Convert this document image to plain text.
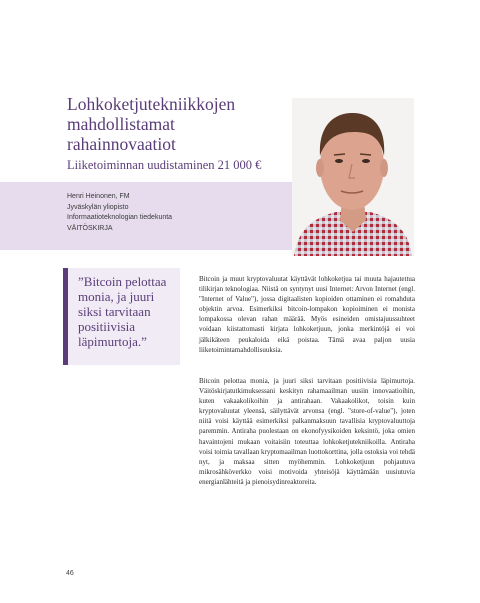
Lohkoketjutekniikkojen mahdollistamat rahainnovaatiot
Liiketoiminnan uudistaminen 21 000 €
Henri Heinonen, FM
Jyväskylän yliopisto
Informaatioteknologian tiedekunta
VÄITÖSKIRJA
”Bitcoin pelottaa
monia, ja juuri
siksi tarvitaan
positiivisia
läpimurtoja.”

Bitcoin ja muut kryptovaluutat käyttävät lohkoketjua tai muuta hajautettua tilikirjan teknologiaa. Niistä on syntynyt uusi Internet: Arvon Internet (engl. "Internet of Value"), jossa digitaalisten kopioiden ottaminen ei romahduta objektin arvoa. Esimerkiksi bitcoin-lompakon kopioiminen ei monista lompakossa olevan rahan määrää. Myös esineiden omistajuussuhteet voidaan kiistattomasti kirjata lohkoketjuun, jonka merkintöjä ei voi jälkikäteen peukaloida eikä poistaa. Tämä avaa paljon uusia liiketoimintamahdollisuuksia.

Bitcoin pelottaa monia, ja juuri siksi tarvitaan positiivisia läpimurtoja. Väitöskirjatutkimuksessani keskityn rahamaailman uusiin innovaatioihin, kuten vakaakolikoihin ja antirahaan. Vakaakolikot, toisin kuin kryptovaluutat yleensä, säilyttävät arvonsa (engl. "store-of-value"), joten niitä voisi käyttää esimerkiksi palkanmaksuun tavallisia kryptovaluuttoja paremmin. Antiraha puolestaan on ekonofyysikoiden keksintö, joka omien havaintojeni mukaan voitaisiin toteuttaa lohkoketjutekniikoilla. Antiraha voisi toimia tavallaan kryptomaailman luottokorttina, jolla ostoksia voi tehdä nyt, ja maksaa sitten myöhemmin. Lohkoketjuun pohjautuva mikrosähköverkko voisi motivoida yhteisöjä käyttämään uusiutuvia energianlähteitä ja pienoisydinreaktoreita.

46
